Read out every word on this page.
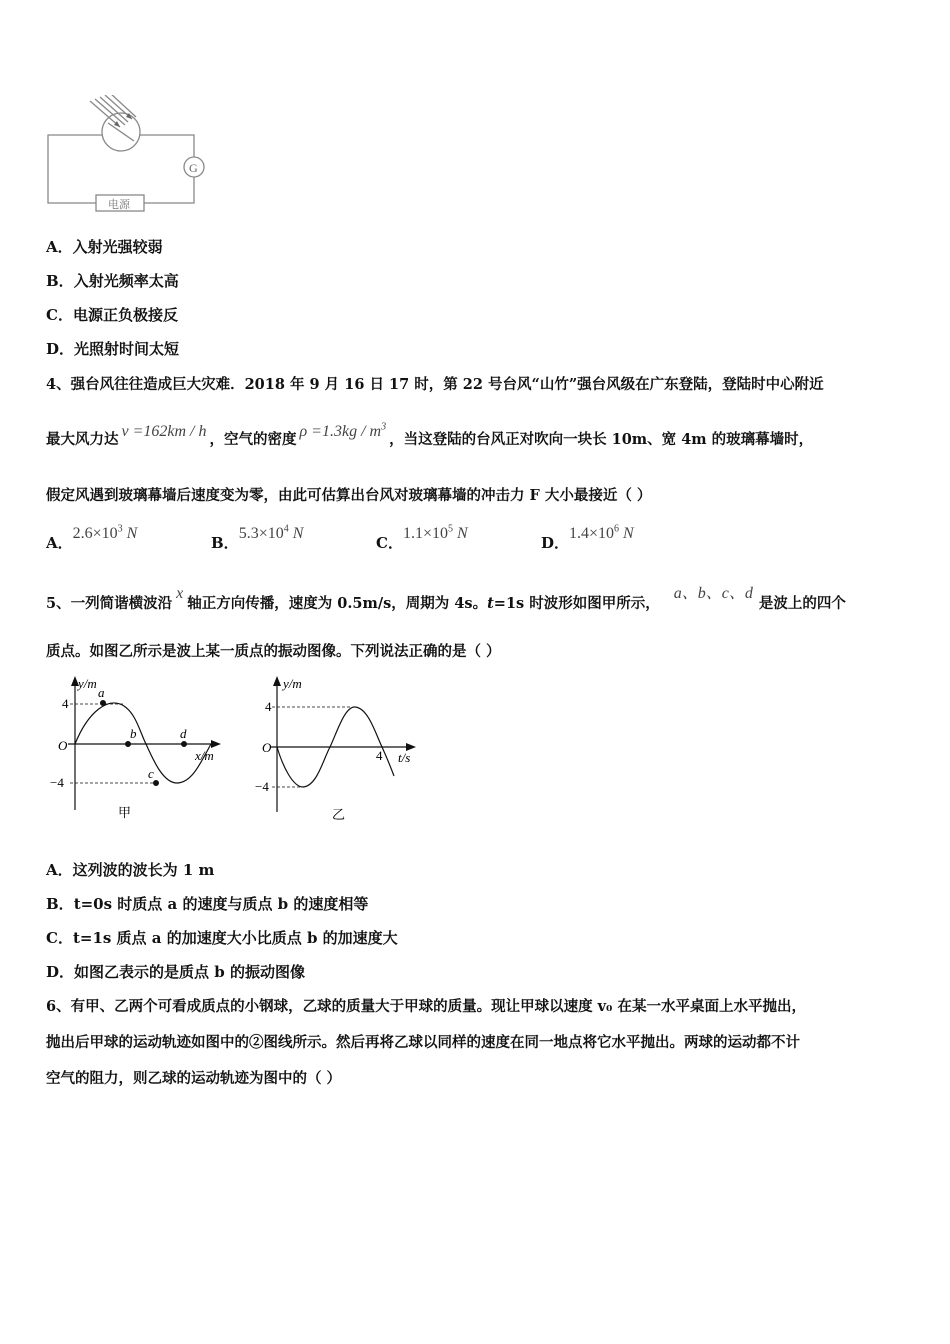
G
电源
A．入射光强较弱
B．入射光频率太高
C．电源正负极接反
D．光照射时间太短
4、强台风往往造成巨大灾难．2018 年 9 月 16 日 17 时，第 22 号台风“山竹”强台风级在广东登陆，登陆时中心附近
最大风力达 v =162km / h ，空气的密度 $\rho =1.3kg / m^3$，当这登陆的台风正对吹向一块长 10m、宽 4m 的玻璃幕墙时，
假定风遇到玻璃幕墙后速度变为零，由此可估算出台风对玻璃幕墙的冲击力 F 大小最接近（ ）
A．$2.6\times 10^3$ N
B．$5.3\times 10^4$ N
C．$1.1\times 10^5$ N
D．$1.4\times 10^6$ N
5、一列简谐横波沿x轴正方向传播，速度为 0.5m/s，周期为 4s。t=1s 时波形如图甲所示，a、b、c、d是波上的四个
质点。如图乙所示是波上某一质点的振动图像。下列说法正确的是（ ）
y/m
x/m
O
4
−4
a
b
c
d
甲
y/m
t/s
O
4
−4
4
乙
A．这列波的波长为 1 m
B．t=0s 时质点 a 的速度与质点 b 的速度相等
C．t=1s 质点 a 的加速度大小比质点 b 的加速度大
D．如图乙表示的是质点 b 的振动图像
6、有甲、乙两个可看成质点的小钢球，乙球的质量大于甲球的质量。现让甲球以速度 v₀ 在某一水平桌面上水平抛出，
抛出后甲球的运动轨迹如图中的②图线所示。然后再将乙球以同样的速度在同一地点将它水平抛出。两球的运动都不计
空气的阻力，则乙球的运动轨迹为图中的（ ）
